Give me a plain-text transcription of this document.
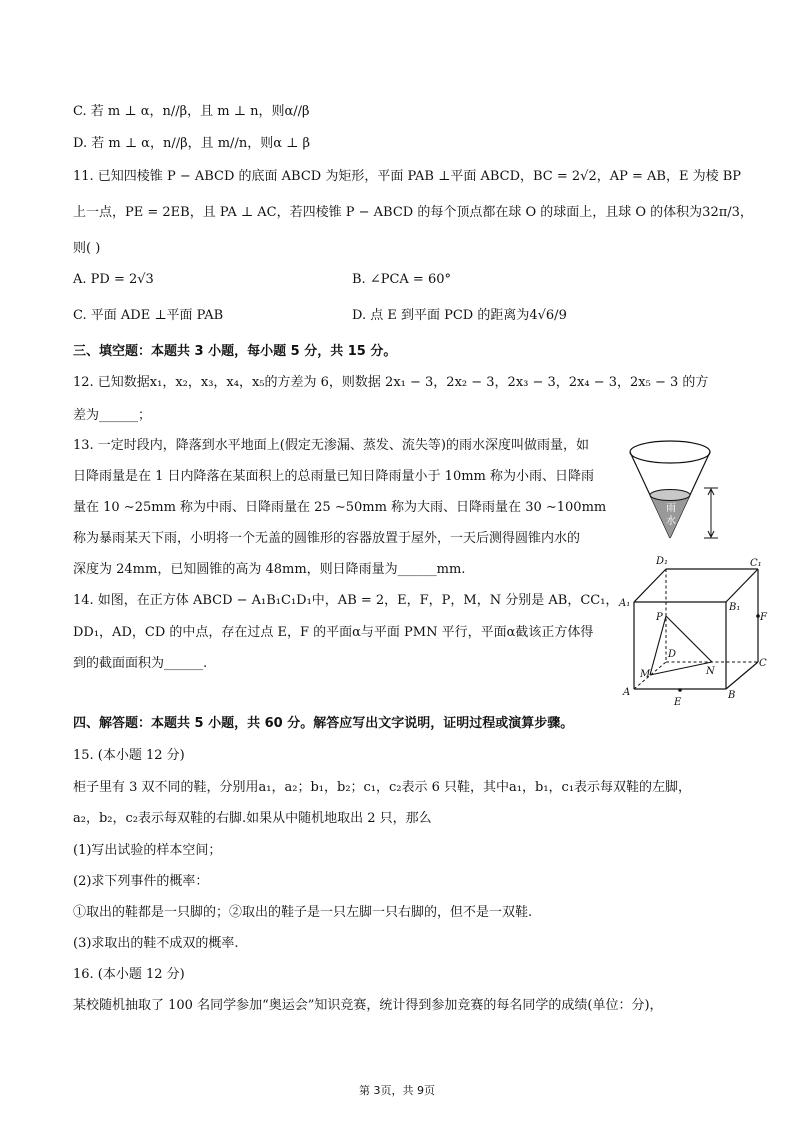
C. 若 m ⊥ α，n//β，且 m ⊥ n，则α//β
D. 若 m ⊥ α，n//β，且 m//n，则α ⊥ β
11. 已知四棱锥 P − ABCD 的底面 ABCD 为矩形，平面 PAB ⊥平面 ABCD，BC = 2√2，AP = AB，E 为棱 BP
上一点，PE = 2EB，且 PA ⊥ AC，若四棱锥 P − ABCD 的每个顶点都在球 O 的球面上，且球 O 的体积为32π/3，
则( )
A. PD = 2√3	B. ∠PCA = 60°
C. 平面 ADE ⊥平面 PAB	D. 点 E 到平面 PCD 的距离为4√6/9
三、填空题：本题共 3 小题，每小题 5 分，共 15 分。
12. 已知数据x₁，x₂，x₃，x₄，x₅的方差为 6，则数据 2x₁ − 3，2x₂ − 3，2x₃ − 3，2x₄ − 3，2x₅ − 3 的方
差为______；
13. 一定时段内，降落到水平地面上(假定无渗漏、蒸发、流失等)的雨水深度叫做雨量，如
日降雨量是在 1 日内降落在某面积上的总雨量已知日降雨量小于 10mm 称为小雨、日降雨
量在 10 ∼25mm 称为中雨、日降雨量在 25 ∼50mm 称为大雨、日降雨量在 30 ∼100mm
称为暴雨某天下雨，小明将一个无盖的圆锥形的容器放置于屋外，一天后测得圆锥内水的
深度为 24mm，已知圆锥的高为 48mm，则日降雨量为______mm.
14. 如图，在正方体 ABCD − A₁B₁C₁D₁中，AB = 2，E，F，P，M，N 分别是 AB，CC₁，
DD₁，AD，CD 的中点，存在过点 E，F 的平面α与平面 PMN 平行，平面α截该正方体得
到的截面面积为______.
雨
水
A₁	B₁
C₁
D₁
A	B
C
D
E
F
P
M	N
四、解答题：本题共 5 小题，共 60 分。解答应写出文字说明，证明过程或演算步骤。
15. (本小题 12 分)
柜子里有 3 双不同的鞋，分别用a₁，a₂；b₁，b₂；c₁，c₂表示 6 只鞋，其中a₁，b₁，c₁表示每双鞋的左脚，
a₂，b₂，c₂表示每双鞋的右脚.如果从中随机地取出 2 只，那么
(1)写出试验的样本空间；
(2)求下列事件的概率：
①取出的鞋都是一只脚的；②取出的鞋子是一只左脚一只右脚的，但不是一双鞋.
(3)求取出的鞋不成双的概率.
16. (本小题 12 分)
某校随机抽取了 100 名同学参加“奥运会”知识竞赛，统计得到参加竞赛的每名同学的成绩(单位：分)，
第 3页，共 9页
